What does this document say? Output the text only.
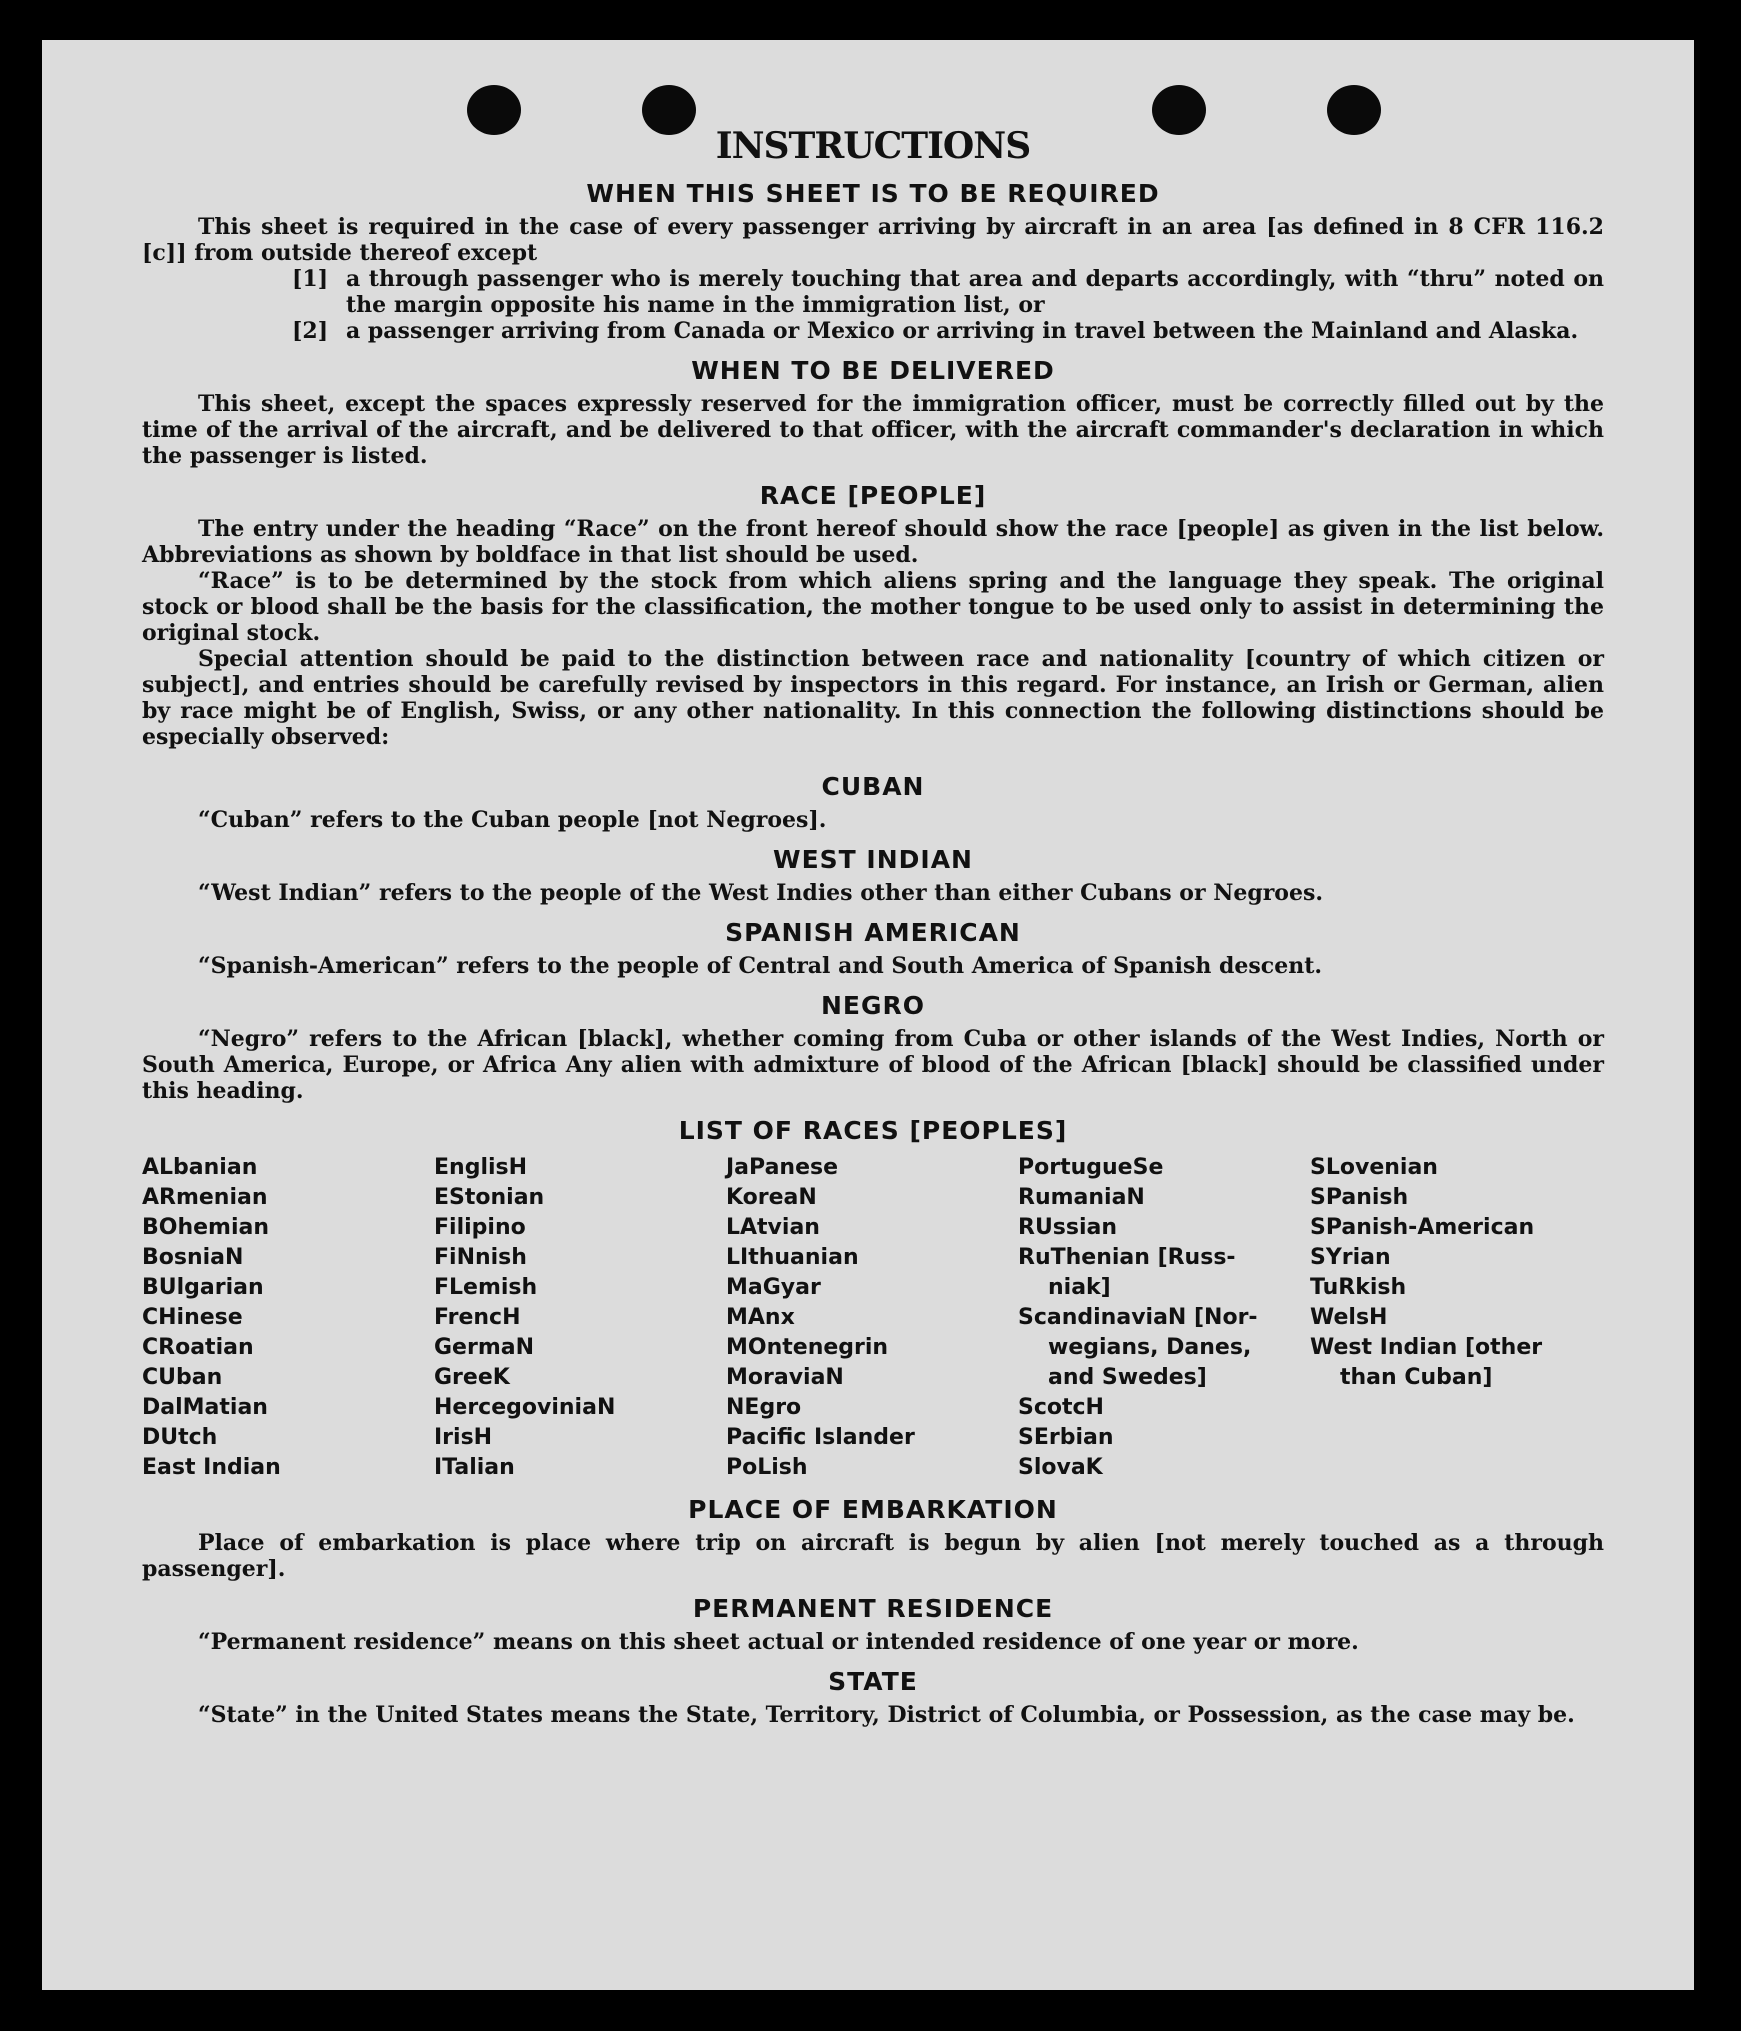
INSTRUCTIONS
WHEN THIS SHEET IS TO BE REQUIRED

This sheet is required in the case of every passenger arriving by aircraft in an area [as defined in 8 CFR 116.2 [c]] from outside thereof except

[1] a through passenger who is merely touching that area and departs accordingly, with “thru” noted on the margin opposite his name in the immigration list, or
[2] a passenger arriving from Canada or Mexico or arriving in travel between the Mainland and Alaska.
WHEN TO BE DELIVERED

This sheet, except the spaces expressly reserved for the immigration officer, must be correctly filled out by the time of the arrival of the aircraft, and be delivered to that officer, with the aircraft commander's declaration in which the passenger is listed.

RACE [PEOPLE]

The entry under the heading “Race” on the front hereof should show the race [people] as given in the list below. Abbreviations as shown by boldface in that list should be used.

“Race” is to be determined by the stock from which aliens spring and the language they speak. The original stock or blood shall be the basis for the classification, the mother tongue to be used only to assist in determining the original stock.

Special attention should be paid to the distinction between race and nationality [country of which citizen or subject], and entries should be carefully revised by inspectors in this regard. For instance, an Irish or German, alien by race might be of English, Swiss, or any other nationality. In this connection the following distinctions should be especially observed:

CUBAN

“Cuban” refers to the Cuban people [not Negroes].

WEST INDIAN

“West Indian” refers to the people of the West Indies other than either Cubans or Negroes.

SPANISH AMERICAN

“Spanish-American” refers to the people of Central and South America of Spanish descent.

NEGRO

“Negro” refers to the African [black], whether coming from Cuba or other islands of the West Indies, North or South America, Europe, or Africa Any alien with admixture of blood of the African [black] should be classified under this heading.

LIST OF RACES [PEOPLES]
ALbanian
ARmenian
BOhemian
BosniaN
BUlgarian
CHinese
CRoatian
CUban
DalMatian
DUtch
East Indian
EnglisH
EStonian
Filipino
FiNnish
FLemish
FrencH
GermaN
GreeK
HercegoviniaN
IrisH
ITalian
JaPanese
KoreaN
LAtvian
LIthuanian
MaGyar
MAnx
MOntenegrin
MoraviaN
NEgro
Pacific Islander
PoLish
PortugueSe
RumaniaN
RUssian
RuThenian [Russ-
niak]
ScandinaviaN [Nor-
wegians, Danes,
and Swedes]
ScotcH
SErbian
SlovaK
SLovenian
SPanish
SPanish-American
SYrian
TuRkish
WelsH
West Indian [other
than Cuban]
PLACE OF EMBARKATION

Place of embarkation is place where trip on aircraft is begun by alien [not merely touched as a through passenger].

PERMANENT RESIDENCE

“Permanent residence” means on this sheet actual or intended residence of one year or more.

STATE

“State” in the United States means the State, Territory, District of Columbia, or Possession, as the case may be.
